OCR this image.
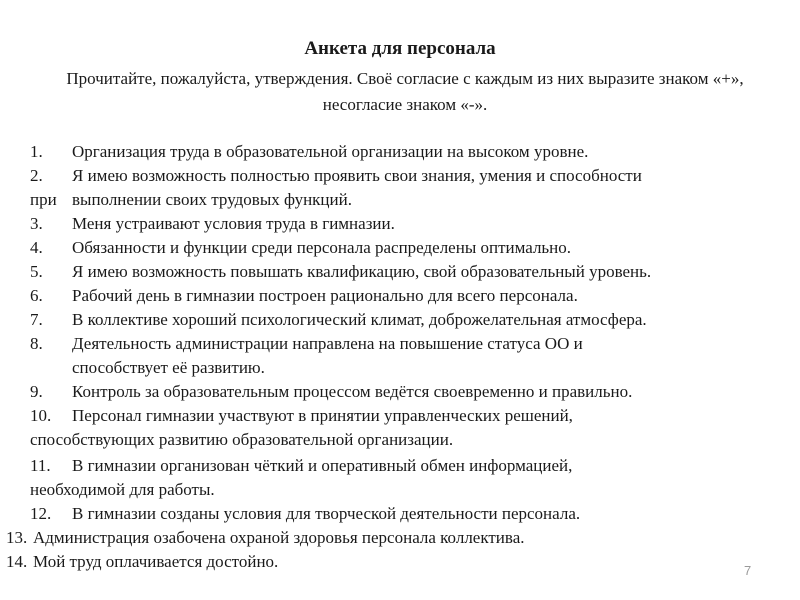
Анкета для персонала
Прочитайте, пожалуйста, утверждения. Своё согласие с каждым из них выразите знаком «+», несогласие знаком «-».
1. Организация труда в образовательной организации на высоком уровне.
2. Я имею возможность полностью проявить свои знания, умения и способности
при выполнении своих трудовых функций.
3. Меня устраивают условия труда в гимназии.
4. Обязанности и функции среди персонала распределены оптимально.
5. Я имею возможность повышать квалификацию, свой образовательный уровень.
6. Рабочий день в гимназии построен рационально для всего персонала.
7. В коллективе хороший психологический климат, доброжелательная атмосфера.
8. Деятельность администрации направлена на повышение статуса ОО и
способствует её развитию.
9. Контроль за образовательным процессом ведётся своевременно и правильно.
10. Персонал гимназии участвуют в принятии управленческих решений,
способствующих развитию образовательной организации.
11. В гимназии организован чёткий и оперативный обмен информацией,
необходимой для работы.
12. В гимназии созданы условия для творческой деятельности персонала.
13. Администрация озабочена охраной здоровья персонала коллектива.
14. Мой труд оплачивается достойно.	7
